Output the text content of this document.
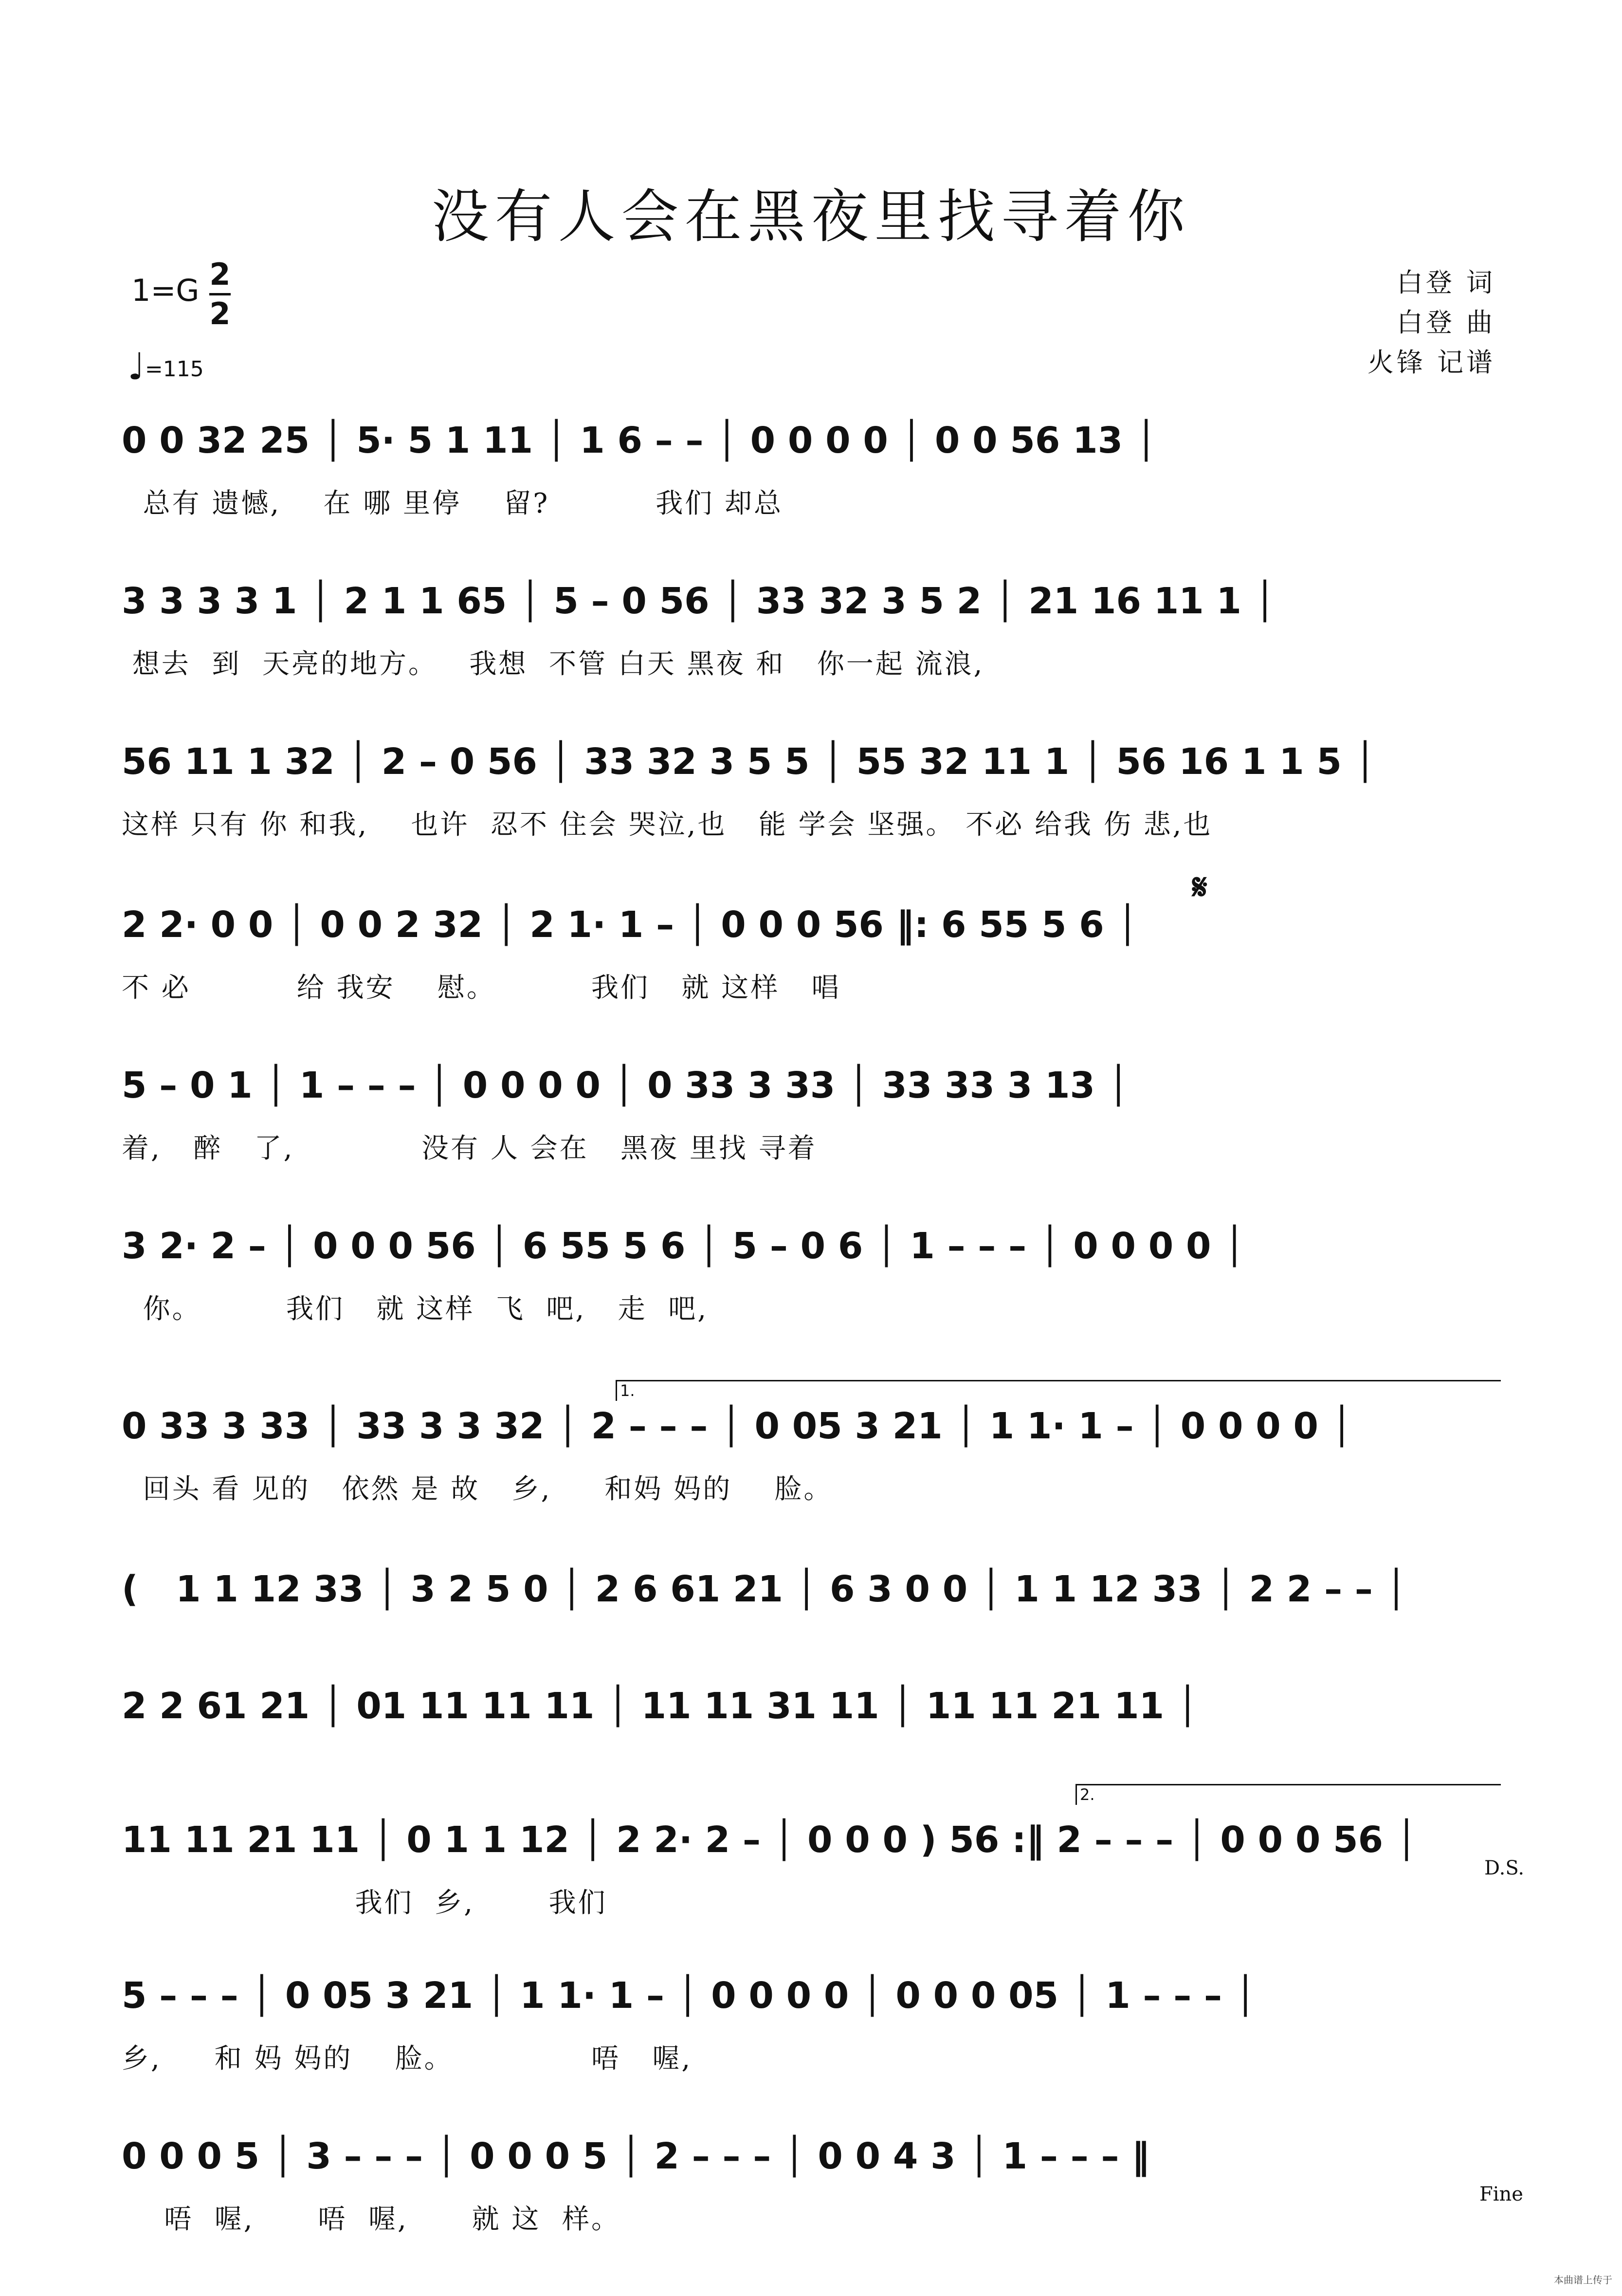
没有人会在黑夜里找寻着你
1=G 2
2
♩=115
白登 词
白登 曲
火锋 记谱
𝄋
1.
2.
D.S.
Fine
0 0 32 25 │ 5· 5 1 11 │ 1 6 – – │ 0 0 0 0 │ 0 0 56 13 │
总有 遗憾,    在 哪 里停    留?          我们 却总
3 3 3 3 1 │ 2 1 1 65 │ 5 – 0 56 │ 33 32 3 5 2 │ 21 16 11 1 │
想去  到  天亮的地方。   我想  不管 白天 黑夜 和   你一起 流浪,
56 11 1 32 │ 2 – 0 56 │ 33 32 3 5 5 │ 55 32 11 1 │ 56 16 1 1 5 │
这样 只有 你 和我,    也许  忍不 住会 哭泣,也   能 学会 坚强。 不必 给我 伤 悲,也
2 2· 0 0 │ 0 0 2 32 │ 2 1· 1 – │ 0 0 0 56 ‖: 6 55 5 6 │
不 必          给 我安    慰。         我们   就 这样   唱
5 – 0 1 │ 1 – – – │ 0 0 0 0 │ 0 33 3 33 │ 33 33 3 13 │
着,   醉   了,            没有 人 会在   黑夜 里找 寻着
3 2· 2 – │ 0 0 0 56 │ 6 55 5 6 │ 5 – 0 6 │ 1 – – – │ 0 0 0 0 │
你。        我们   就 这样  飞  吧,   走  吧,
0 33 3 33 │ 33 3 3 32 │ 2 – – – │ 0 05 3 21 │ 1 1· 1 – │ 0 0 0 0 │
回头 看 见的   依然 是 故   乡,     和妈 妈的    脸。
(   1 1 12 33 │ 3 2 5 0 │ 2 6 61 21 │ 6 3 0 0 │ 1 1 12 33 │ 2 2 – – │
2 2 61 21 │ 01 11 11 11 │ 11 11 31 11 │ 11 11 21 11 │
11 11 21 11 │ 0 1 1 12 │ 2 2· 2 – │ 0 0 0 ) 56 :‖ 2 – – – │ 0 0 0 56 │
我们  乡,       我们
5 – – – │ 0 05 3 21 │ 1 1· 1 – │ 0 0 0 0 │ 0 0 0 05 │ 1 – – – │
乡,     和 妈 妈的    脸。             唔   喔,
0 0 0 5 │ 3 – – – │ 0 0 0 5 │ 2 – – – │ 0 0 4 3 │ 1 – – – ‖
唔  喔,      唔  喔,      就 这  样。
本曲谱上传于
